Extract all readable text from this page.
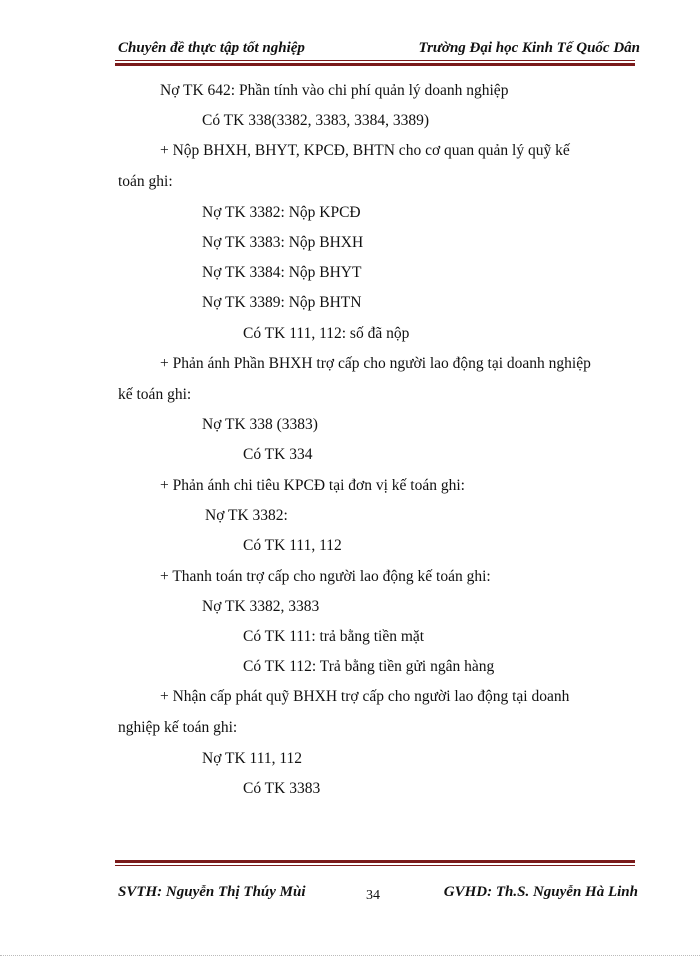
Chuyên đề thực tập tốt nghiệp	Trường Đại học Kinh Tế Quốc Dân
Nợ TK 642: Phần tính vào chi phí quản lý doanh nghiệp
Có TK 338(3382, 3383, 3384, 3389)
+ Nộp BHXH, BHYT, KPCĐ, BHTN cho cơ quan quản lý quỹ kế
toán ghi:
Nợ TK 3382: Nộp KPCĐ
Nợ TK 3383: Nộp BHXH
Nợ TK 3384: Nộp BHYT
Nợ TK 3389: Nộp BHTN
Có TK 111, 112: số đã nộp
+ Phản ánh Phần BHXH trợ cấp cho người lao động tại doanh nghiệp
kế toán ghi:
Nợ TK 338 (3383)
Có TK 334
+ Phản ánh chi tiêu KPCĐ tại đơn vị kế toán ghi:
Nợ TK 3382:
Có TK 111, 112
+ Thanh toán trợ cấp cho người lao động kế toán ghi:
Nợ TK 3382, 3383
Có TK 111: trả bằng tiền mặt
Có TK 112: Trả bằng tiền gửi ngân hàng
+ Nhận cấp phát quỹ BHXH trợ cấp cho người lao động tại doanh
nghiệp kế toán ghi:
Nợ TK 111, 112
Có TK 3383
SVTH: Nguyễn Thị Thúy Mùi	34	GVHD: Th.S. Nguyễn Hà Linh
